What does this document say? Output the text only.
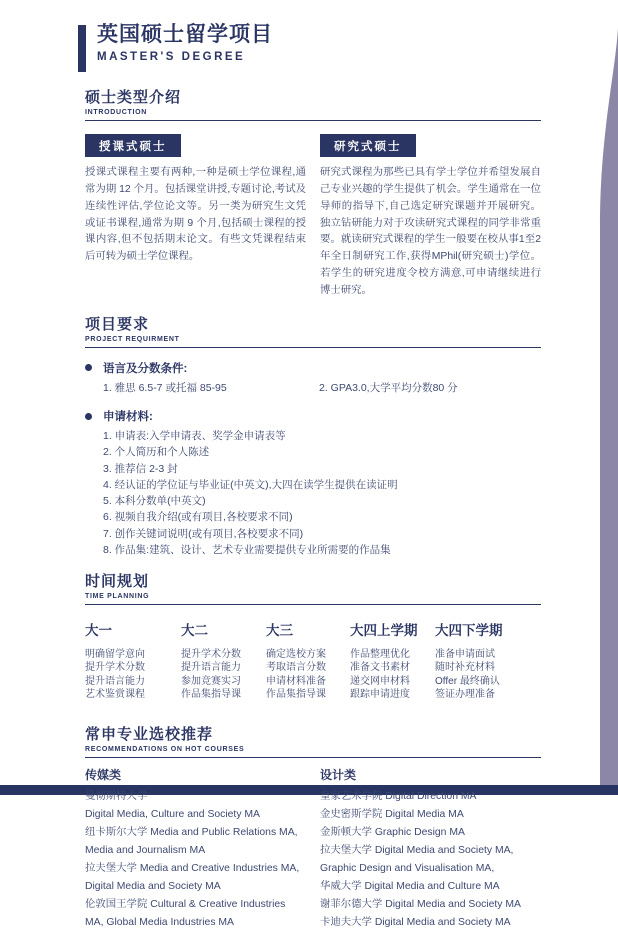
英国硕士留学项目
MASTER'S DEGREE
硕士类型介绍
INTRODUCTION
授课式硕士
授课式课程主要有两种,一种是硕士学位课程,通常为期 12 个月。包括课堂讲授,专题讨论,考试及连续性评估,学位论文等。另一类为研究生文凭或证书课程,通常为期 9 个月,包括硕士课程的授课内容,但不包括期末论文。有些文凭课程结束后可转为硕士学位课程。
研究式硕士
研究式课程为那些已具有学士学位并希望发展自己专业兴趣的学生提供了机会。学生通常在一位导师的指导下,自己选定研究课题并开展研究。独立钻研能力对于攻读研究式课程的同学非常重要。就读研究式课程的学生一般要在校从事1至2年全日制研究工作,获得MPhil(研究硕士)学位。若学生的研究进度令校方满意,可申请继续进行博士研究。
项目要求
PROJECT REQUIRMENT
语言及分数条件:
1. 雅思 6.5-7 或托福 85-95	2. GPA3.0,大学平均分数80 分
申请材料:
1. 申请表:入学申请表、奖学金申请表等
2. 个人简历和个人陈述
3. 推荐信 2-3 封
4. 经认证的学位证与毕业证(中英文),大四在读学生提供在读证明
5. 本科分数单(中英文)
6. 视频自我介绍(或有项目,各校要求不同)
7. 创作关键词说明(或有项目,各校要求不同)
8. 作品集:建筑、设计、艺术专业需要提供专业所需要的作品集
时间规划
TIME PLANNING
大一
明确留学意向
提升学术分数
提升语言能力
艺术鉴赏课程
大二
提升学术分数
提升语言能力
参加竞赛实习
作品集指导课
大三
确定选校方案
考取语言分数
申请材料准备
作品集指导课
大四上学期
作品整理优化
准备文书素材
递交网申材料
跟踪申请进度
大四下学期
准备申请面试
随时补充材料
Offer 最终确认
签证办理准备
常申专业选校推荐
RECOMMENDATIONS ON HOT COURSES
传媒类
曼彻斯特大学
Digital Media, Culture and Society MA
纽卡斯尔大学 Media and Public Relations MA,
Media and Journalism MA
拉夫堡大学 Media and Creative Industries MA,
Digital Media and Society MA
伦敦国王学院 Cultural & Creative Industries
MA, Global Media Industries MA
设计类
皇家艺术学院 Digital Direction MA
金史密斯学院 Digital Media MA
金斯顿大学 Graphic Design MA
拉夫堡大学 Digital Media and Society MA,
Graphic Design and Visualisation MA,
华威大学 Digital Media and Culture MA
谢菲尔德大学 Digital Media and Society MA
卡迪夫大学 Digital Media and Society MA
